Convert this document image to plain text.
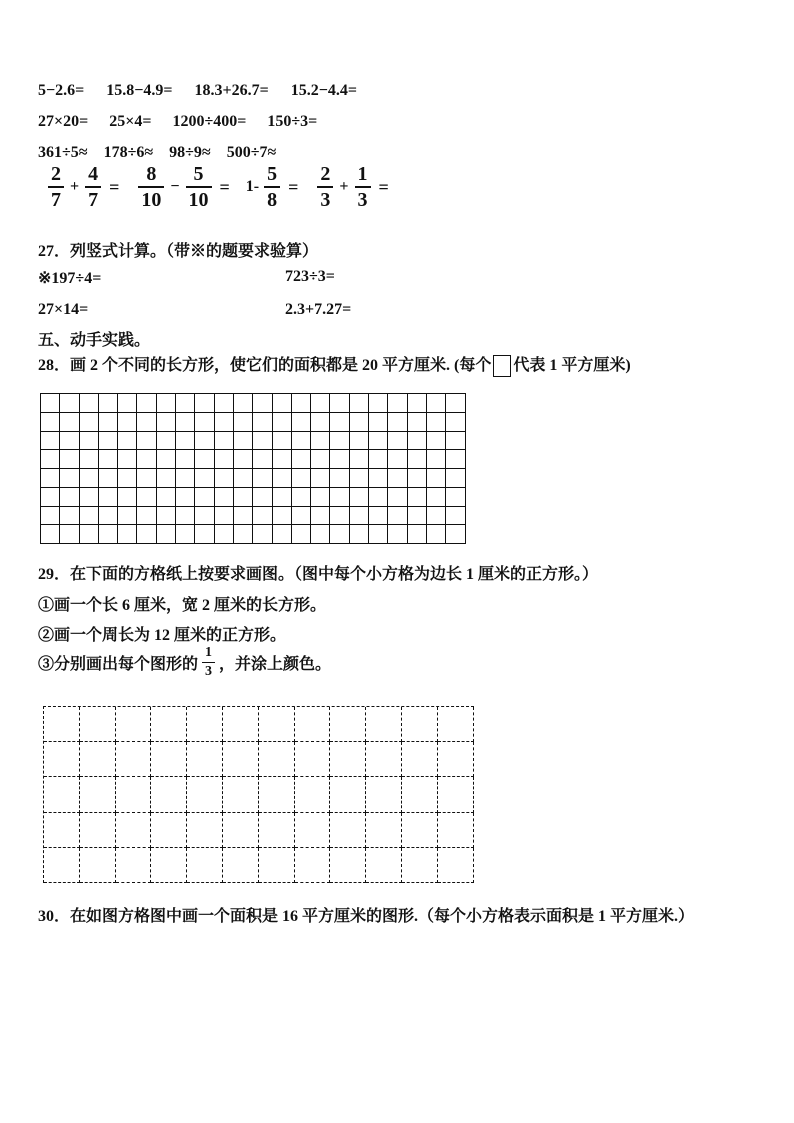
5−2.6= 15.8−4.9= 18.3+26.7= 15.2−4.4=
27×20= 25×4= 1200÷400= 150÷3=
361÷5≈ 178÷6≈ 98÷9≈ 500÷7≈
$\frac{2}{7} + \frac{4}{7} = \frac{8}{10} - \frac{5}{10} = 1- \frac{5}{8} = \frac{2}{3} + \frac{1}{3}$ =
27．列竖式计算。（带※的题要求验算）
※197÷4=	723÷3=
27×14=	2.3+7.27=
五、动手实践。
28．画 2 个不同的长方形，使它们的面积都是 20 平方厘米. (每个 代表 1 平方厘米)
29．在下面的方格纸上按要求画图。（图中每个小方格为边长 1 厘米的正方形。）
①画一个长 6 厘米，宽 2 厘米的长方形。
②画一个周长为 12 厘米的正方形。
③分别画出每个图形的 $\frac{1}{3}$ ，并涂上颜色。
30．在如图方格图中画一个面积是 16 平方厘米的图形.（每个小方格表示面积是 1 平方厘米.）
